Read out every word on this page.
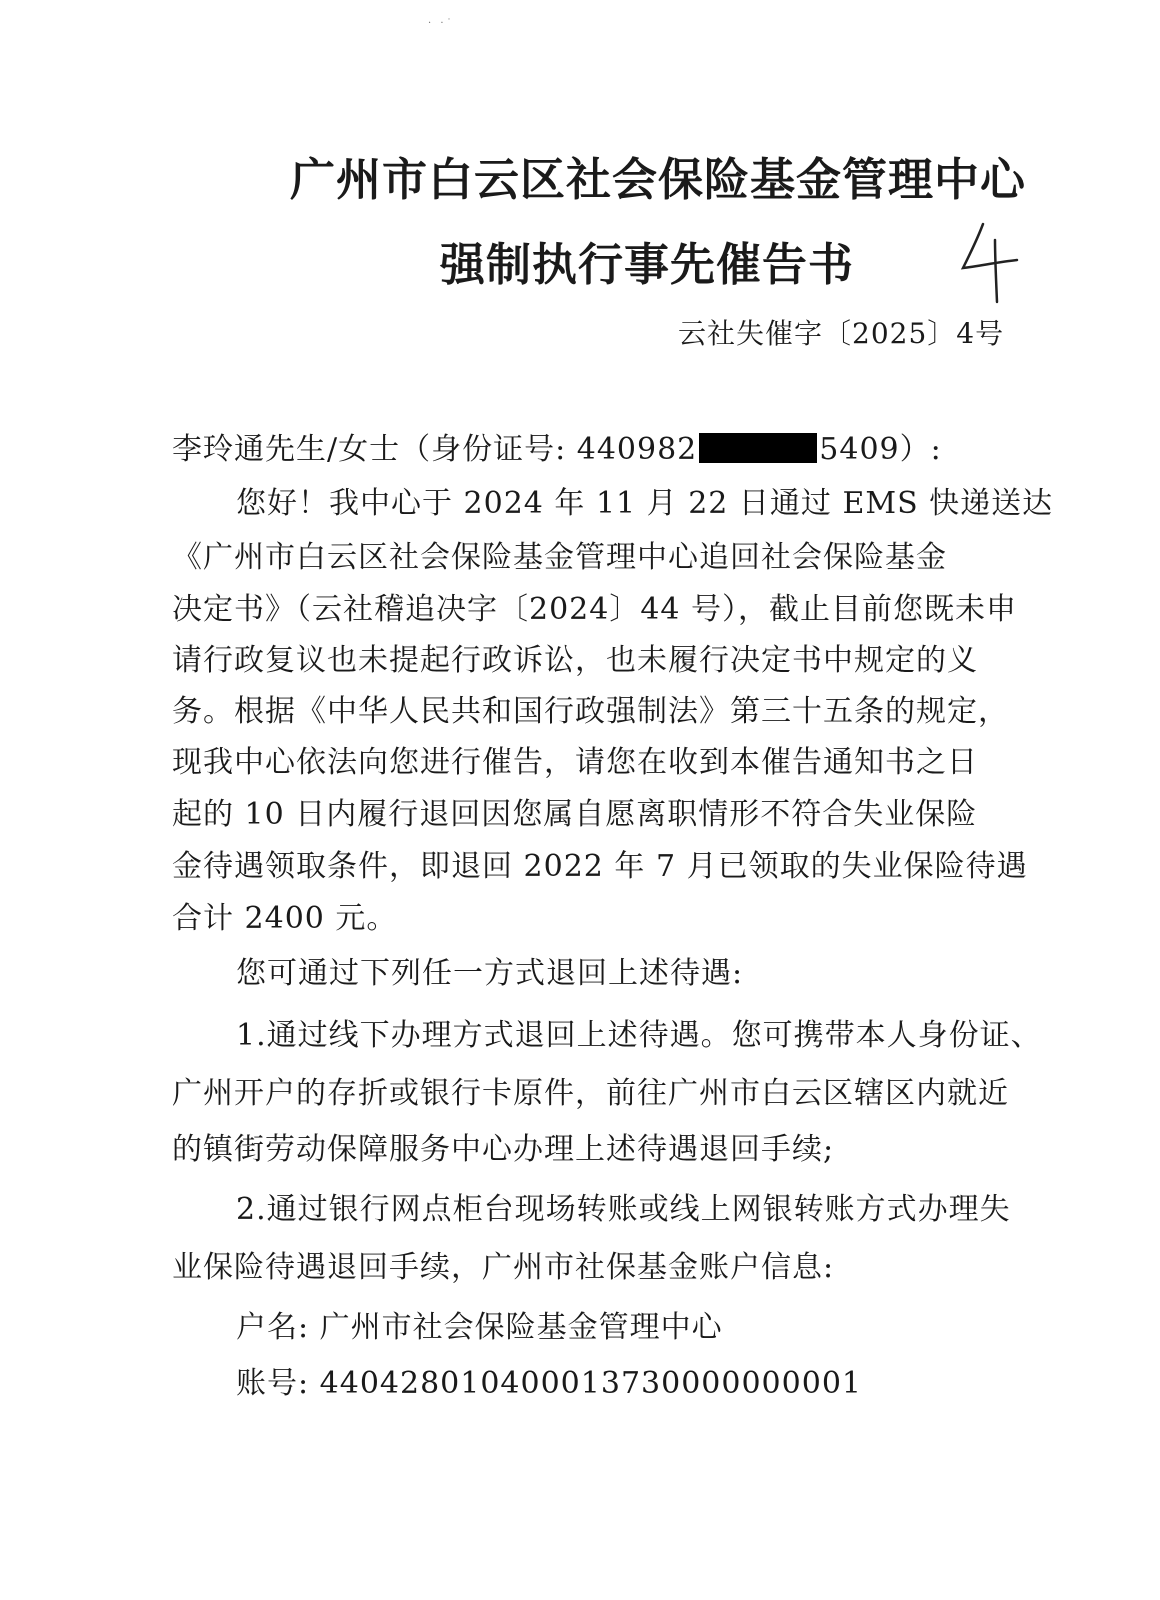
· ·˙
广州市白云区社会保险基金管理中心
强制执行事先催告书
云社失催字〔2025〕4号
李玲通先生/女士（身份证号: 440982	5409）:
您好！我中心于 2024 年 11 月 22 日通过 EMS 快递送达
《广州市白云区社会保险基金管理中心追回社会保险基金
决定书》（云社稽追决字〔2024〕44 号），截止目前您既未申
请行政复议也未提起行政诉讼，也未履行决定书中规定的义
务。根据《中华人民共和国行政强制法》第三十五条的规定，
现我中心依法向您进行催告，请您在收到本催告通知书之日
起的 10 日内履行退回因您属自愿离职情形不符合失业保险
金待遇领取条件，即退回 2022 年 7 月已领取的失业保险待遇
合计 2400 元。
您可通过下列任一方式退回上述待遇:
1.通过线下办理方式退回上述待遇。您可携带本人身份证、
广州开户的存折或银行卡原件，前往广州市白云区辖区内就近
的镇街劳动保障服务中心办理上述待遇退回手续;
2.通过银行网点柜台现场转账或线上网银转账方式办理失
业保险待遇退回手续，广州市社保基金账户信息:
户名: 广州市社会保险基金管理中心
账号: 440428010400013730000000001
